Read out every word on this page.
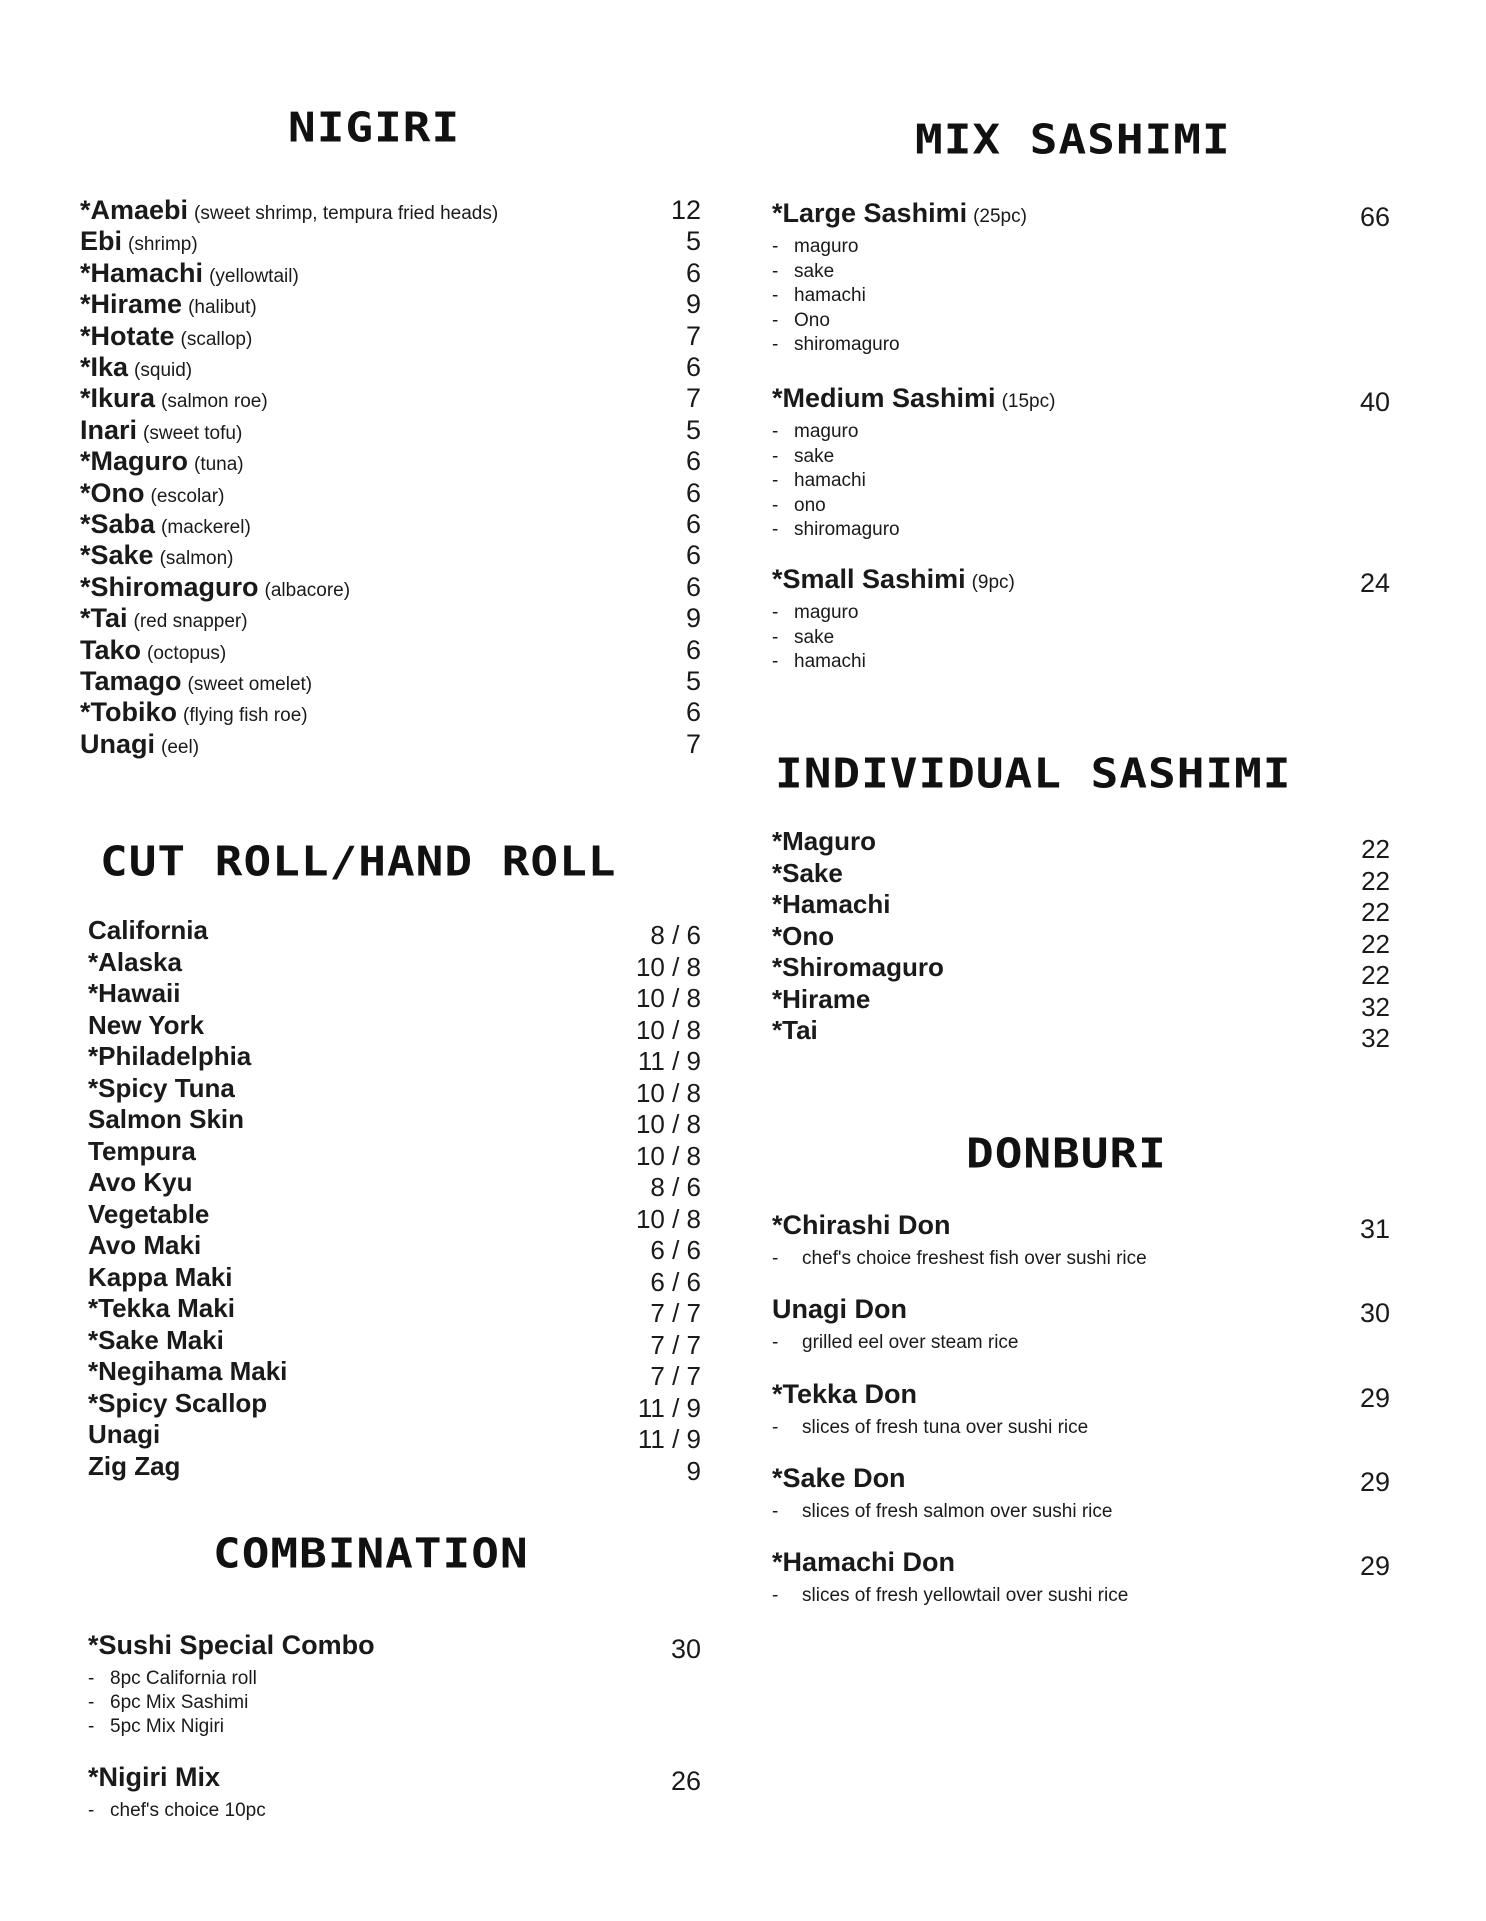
NIGIRI
*Amaebi (sweet shrimp, tempura fried heads)	12
Ebi (shrimp)	5
*Hamachi (yellowtail)	6
*Hirame (halibut)	9
*Hotate (scallop)	7
*Ika (squid)	6
*Ikura (salmon roe)	7
Inari (sweet tofu)	5
*Maguro (tuna)	6
*Ono (escolar)	6
*Saba (mackerel)	6
*Sake (salmon)	6
*Shiromaguro (albacore)	6
*Tai (red snapper)	9
Tako (octopus)	6
Tamago (sweet omelet)	5
*Tobiko (flying fish roe)	6
Unagi (eel)	7
CUT ROLL/HAND ROLL
California	8 / 6
*Alaska	10 / 8
*Hawaii	10 / 8
New York	10 / 8
*Philadelphia	11 / 9
*Spicy Tuna	10 / 8
Salmon Skin	10 / 8
Tempura	10 / 8
Avo Kyu	8 / 6
Vegetable	10 / 8
Avo Maki	6 / 6
Kappa Maki	6 / 6
*Tekka Maki	7 / 7
*Sake Maki	7 / 7
*Negihama Maki	7 / 7
*Spicy Scallop	11 / 9
Unagi	11 / 9
Zig Zag	9
COMBINATION
*Sushi Special Combo	30
- 8pc California roll
- 6pc Mix Sashimi
- 5pc Mix Nigiri
*Nigiri Mix	26
- chef's choice 10pc
MIX SASHIMI
*Large Sashimi (25pc)	66
- maguro
- sake
- hamachi
- Ono
- shiromaguro
*Medium Sashimi (15pc)	40
- maguro
- sake
- hamachi
- ono
- shiromaguro
*Small Sashimi (9pc)	24
- maguro
- sake
- hamachi
INDIVIDUAL SASHIMI
*Maguro	22
*Sake	22
*Hamachi	22
*Ono	22
*Shiromaguro	22
*Hirame	32
*Tai	32
DONBURI
*Chirashi Don	31
- chef's choice freshest fish over sushi rice
Unagi Don	30
- grilled eel over steam rice
*Tekka Don	29
- slices of fresh tuna over sushi rice
*Sake Don	29
- slices of fresh salmon over sushi rice
*Hamachi Don	29
- slices of fresh yellowtail over sushi rice
